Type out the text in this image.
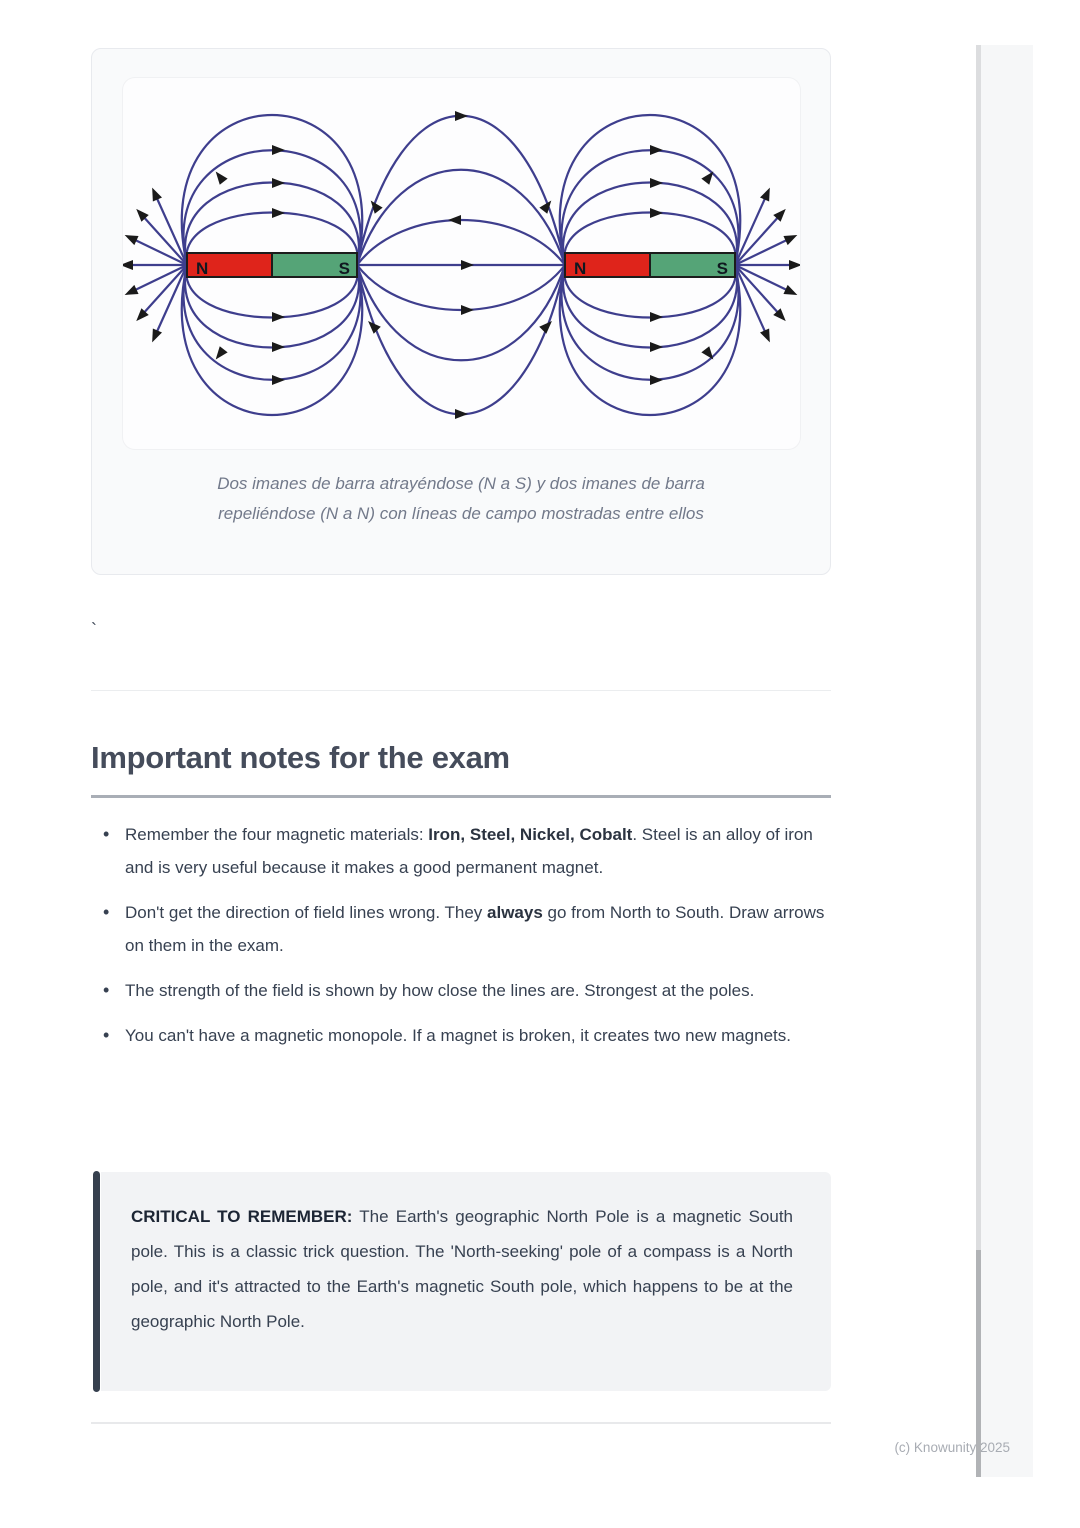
N	S	N	S
Dos imanes de barra atrayéndose (N a S) y dos imanes de barra
repeliéndose (N a N) con líneas de campo mostradas entre ellos
`
Important notes for the exam
• Remember the four magnetic materials: Iron, Steel, Nickel, Cobalt. Steel is an alloy of iron and is very useful because it makes a good permanent magnet.
• Don't get the direction of field lines wrong. They always go from North to South. Draw arrows on them in the exam.
• The strength of the field is shown by how close the lines are. Strongest at the poles.
• You can't have a magnetic monopole. If a magnet is broken, it creates two new magnets.

CRITICAL TO REMEMBER: The Earth's geographic North Pole is a magnetic South pole. This is a classic trick question. The 'North-seeking' pole of a compass is a North pole, and it's attracted to the Earth's magnetic South pole, which happens to be at the geographic North Pole.

(c) Knowunity 2025
